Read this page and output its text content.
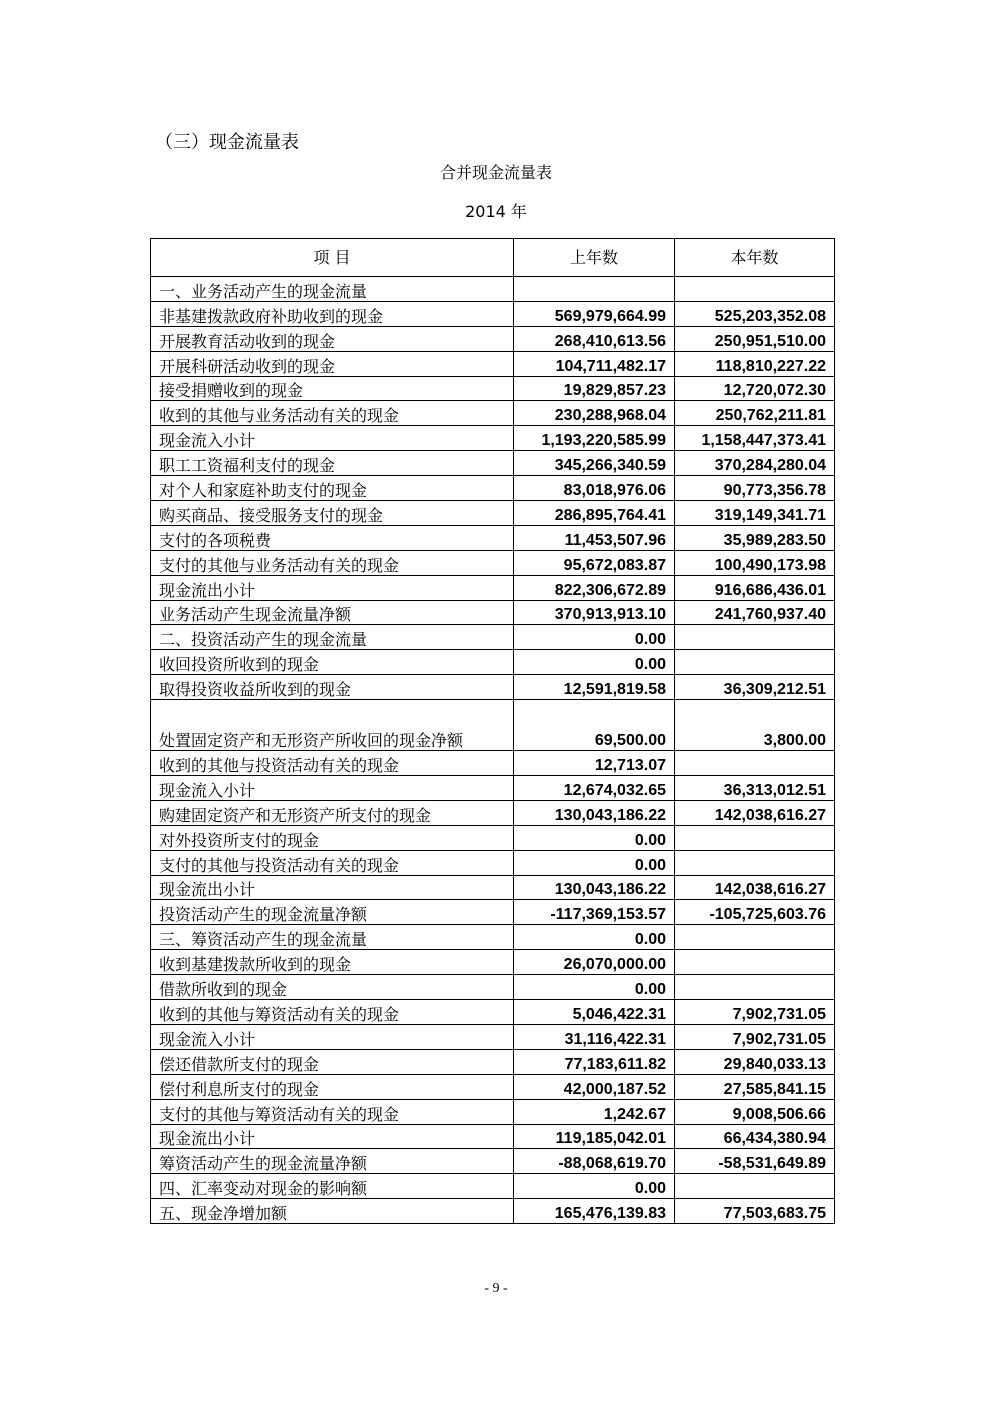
（三）现金流量表
合并现金流量表
2014 年
项 目	上年数	本年数
一、业务活动产生的现金流量		
非基建拨款政府补助收到的现金	569,979,664.99	525,203,352.08
开展教育活动收到的现金	268,410,613.56	250,951,510.00
开展科研活动收到的现金	104,711,482.17	118,810,227.22
接受捐赠收到的现金	19,829,857.23	12,720,072.30
收到的其他与业务活动有关的现金	230,288,968.04	250,762,211.81
现金流入小计	1,193,220,585.99	1,158,447,373.41
职工工资福利支付的现金	345,266,340.59	370,284,280.04
对个人和家庭补助支付的现金	83,018,976.06	90,773,356.78
购买商品、接受服务支付的现金	286,895,764.41	319,149,341.71
支付的各项税费	11,453,507.96	35,989,283.50
支付的其他与业务活动有关的现金	95,672,083.87	100,490,173.98
现金流出小计	822,306,672.89	916,686,436.01
业务活动产生现金流量净额	370,913,913.10	241,760,937.40
二、投资活动产生的现金流量	0.00	
收回投资所收到的现金	0.00	
取得投资收益所收到的现金	12,591,819.58	36,309,212.51
处置固定资产和无形资产所收回的现金净额	69,500.00	3,800.00
收到的其他与投资活动有关的现金	12,713.07	
现金流入小计	12,674,032.65	36,313,012.51
购建固定资产和无形资产所支付的现金	130,043,186.22	142,038,616.27
对外投资所支付的现金	0.00	
支付的其他与投资活动有关的现金	0.00	
现金流出小计	130,043,186.22	142,038,616.27
投资活动产生的现金流量净额	-117,369,153.57	-105,725,603.76
三、筹资活动产生的现金流量	0.00	
收到基建拨款所收到的现金	26,070,000.00	
借款所收到的现金	0.00	
收到的其他与筹资活动有关的现金	5,046,422.31	7,902,731.05
现金流入小计	31,116,422.31	7,902,731.05
偿还借款所支付的现金	77,183,611.82	29,840,033.13
偿付利息所支付的现金	42,000,187.52	27,585,841.15
支付的其他与筹资活动有关的现金	1,242.67	9,008,506.66
现金流出小计	119,185,042.01	66,434,380.94
筹资活动产生的现金流量净额	-88,068,619.70	-58,531,649.89
四、汇率变动对现金的影响额	0.00	
五、现金净增加额	165,476,139.83	77,503,683.75
- 9 -
